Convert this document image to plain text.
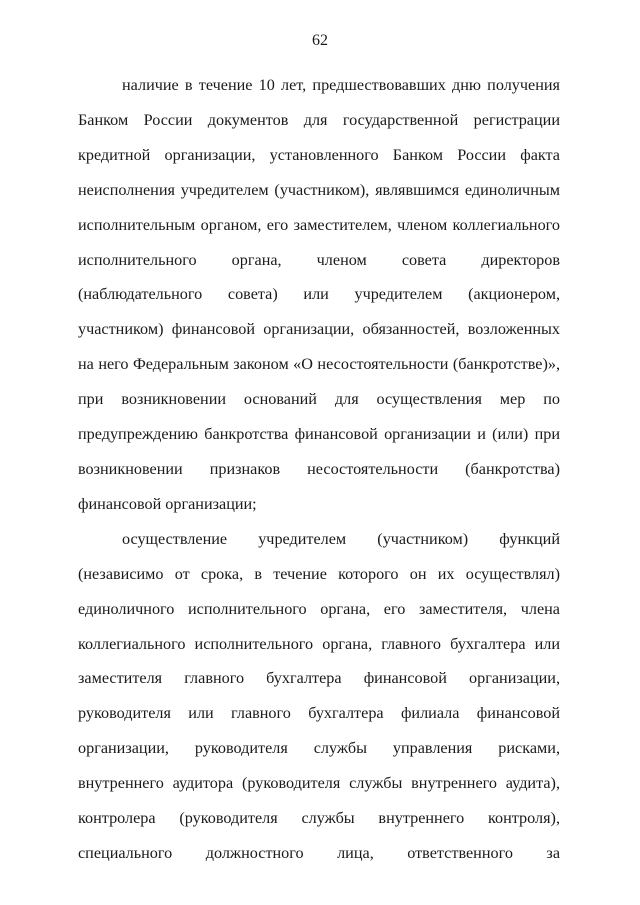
62

наличие в течение 10 лет, предшествовавших дню получения Банком России документов для государственной регистрации кредитной организации, установленного Банком России факта неисполнения учредителем (участником), являвшимся единоличным исполнительным органом, его заместителем, членом коллегиального исполнительного органа, членом совета директоров (наблюдательного совета) или учредителем (акционером, участником) финансовой организации, обязанностей, возложенных на него Федеральным законом «О несостоятельности (банкротстве)», при возникновении оснований для осуществления мер по предупреждению банкротства финансовой организации и (или) при возникновении признаков несостоятельности (банкротства) финансовой организации;

осуществление учредителем (участником) функций (независимо от срока, в течение которого он их осуществлял) единоличного исполнительного органа, его заместителя, члена коллегиального исполнительного органа, главного бухгалтера или заместителя главного бухгалтера финансовой организации, руководителя или главного бухгалтера филиала финансовой организации, руководителя службы управления рисками, внутреннего аудитора (руководителя службы внутреннего аудита), контролера (руководителя службы внутреннего контроля), специального должностного лица, ответственного за
